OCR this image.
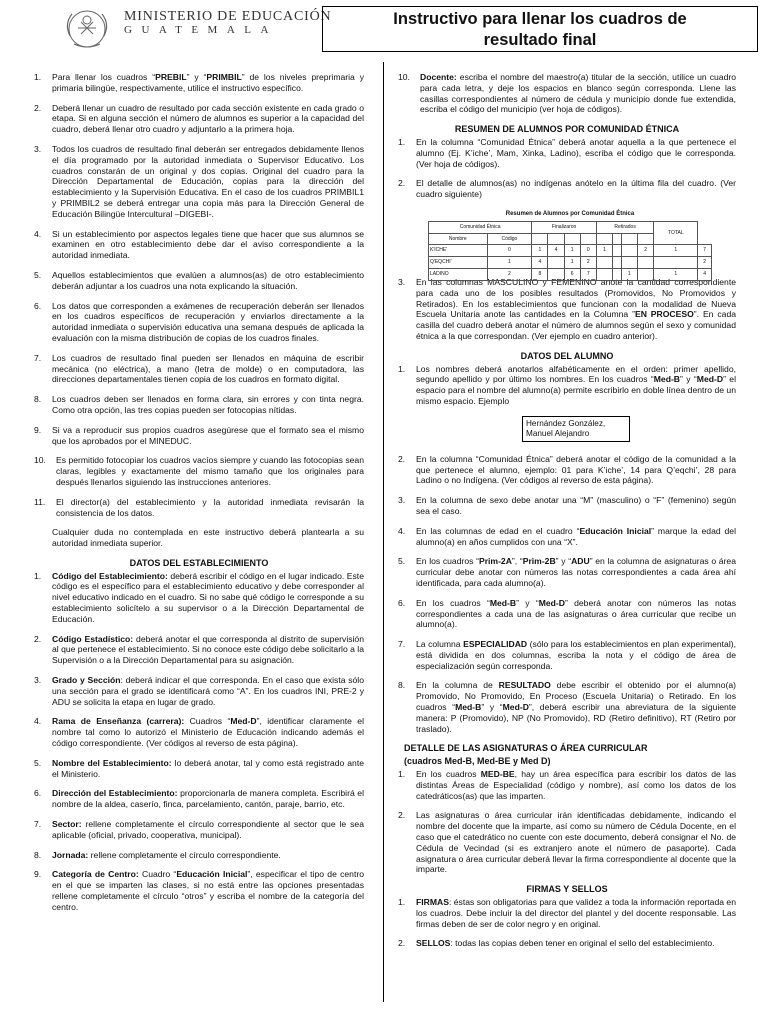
MINISTERIO DE EDUCACIÓN
GUATEMALA
Instructivo para llenar los cuadros de
resultado final
1.	Para llenar los cuadros “PREBIL” y “PRIMBIL” de los niveles preprimaria y primaria bilingüe, respectivamente, utilice el instructivo específico.
2.	Deberá llenar un cuadro de resultado por cada sección existente en cada grado o etapa. Si en alguna sección el número de alumnos es superior a la capacidad del cuadro, deberá llenar otro cuadro y adjuntarlo a la primera hoja.
3.	Todos los cuadros de resultado final deberán ser entregados debidamente llenos el día programado por la autoridad inmediata o Supervisor Educativo. Los cuadros constarán de un original y dos copias. Original del cuadro para la Dirección Departamental de Educación, copias para la dirección del establecimiento y la Supervisión Educativa. En el caso de los cuadros PRIMBIL1 y PRIMBIL2 se deberá entregar una copia más para la Dirección General de Educación Bilingüe Intercultural –DIGEBI-.
4.	Si un establecimiento por aspectos legales tiene que hacer que sus alumnos se examinen en otro establecimiento debe dar el aviso correspondiente a la autoridad inmediata.
5.	Aquellos establecimientos que evalúen a alumnos(as) de otro establecimiento deberán adjuntar a los cuadros una nota explicando la situación.
6.	Los datos que corresponden a exámenes de recuperación deberán ser llenados en los cuadros específicos de recuperación y enviarlos directamente a la autoridad inmediata o supervisión educativa una semana después de aplicada la evaluación con la misma distribución de copias de los cuadros finales.
7.	Los cuadros de resultado final pueden ser llenados en máquina de escribir mecánica (no eléctrica), a mano (letra de molde) o en computadora, las direcciones departamentales tienen copia de los cuadros en formato digital.
8.	Los cuadros deben ser llenados en forma clara, sin errores y con tinta negra. Como otra opción, las tres copias pueden ser fotocopias nítidas.
9.	Si va a reproducir sus propios cuadros asegúrese que el formato sea el mismo que los aprobados por el MINEDUC.
10.	Es permitido fotocopiar los cuadros vacíos siempre y cuando las fotocopias sean claras, legibles y exactamente del mismo tamaño que los originales para después llenarlos siguiendo las instrucciones anteriores.
11.	El director(a) del establecimiento y la autoridad inmediata revisarán la consistencia de los datos.
Cualquier duda no contemplada en este instructivo deberá plantearla a su autoridad inmediata superior.
DATOS DEL ESTABLECIMIENTO
1.	Código del Establecimiento: deberá escribir el código en el lugar indicado. Este código es el específico para el establecimiento educativo y debe corresponder al nivel educativo indicado en el cuadro. Si no sabe qué código le corresponde a su establecimiento solicítelo a su supervisor o a la Dirección Departamental de Educación.
2.	Código Estadístico: deberá anotar el que corresponda al distrito de supervisión al que pertenece el establecimiento. Si no conoce este código debe solicitarlo a la Supervisión o a la Dirección Departamental para su asignación.
3.	Grado y Sección: deberá indicar el que corresponda. En el caso que exista sólo una sección para el grado se identificará como “A”. En los cuadros INI, PRE-2 y ADU se solicita la etapa en lugar de grado.
4.	Rama de Enseñanza (carrera): Cuadros “Med-D”, identificar claramente el nombre tal como lo autorizó el Ministerio de Educación indicando además el código correspondiente. (Ver códigos al reverso de esta página).
5.	Nombre del Establecimiento: lo deberá anotar, tal y como está registrado ante el Ministerio.
6.	Dirección del Establecimiento: proporcionarla de manera completa. Escribirá el nombre de la aldea, caserío, finca, parcelamiento, cantón, paraje, barrio, etc.
7.	Sector: rellene completamente el círculo correspondiente al sector que le sea aplicable (oficial, privado, cooperativa, municipal).
8.	Jornada: rellene completamente el círculo correspondiente.
9.	Categoría de Centro: Cuadro “Educación Inicial”, especificar el tipo de centro en el que se imparten las clases, si no está entre las opciones presentadas rellene completamente el círculo “otros” y escriba el nombre de la categoría del centro.
10.	Docente: escriba el nombre del maestro(a) titular de la sección, utilice un cuadro para cada letra, y deje los espacios en blanco según corresponda. Llene las casillas correspondientes al número de cédula y municipio donde fue extendida, escriba el código del municipio (ver hoja de códigos).
RESUMEN DE ALUMNOS POR COMUNIDAD ÉTNICA
1.	En la columna “Comunidad Étnica” deberá anotar aquella a la que pertenece el alumno (Ej. K’iche’, Mam, Xinka, Ladino), escriba el código que le corresponda. (Ver hoja de códigos).
2.	El detalle de alumnos(as) no indígenas anótelo en la última fila del cuadro. (Ver cuadro siguiente)
Resumen de Alumnos por Comunidad Étnica
Comunidad Étnica		Finalizaron				Retirados				TOTAL	
Nombre	Código										
K'ICHE'	0	1	4	1	0	1			2	1	7
Q'EQCHI'	1	4		1	2						2
LADINO	2	8		6	7			1		1	4
3.	En las columnas MASCULINO y FEMENINO anote la cantidad correspondiente para cada uno de los posibles resultados (Promovidos, No Promovidos y Retirados). En los establecimientos que funcionan con la modalidad de Nueva Escuela Unitaria anote las cantidades en la Columna ”EN PROCESO”. En cada casilla del cuadro deberá anotar el número de alumnos según el sexo y comunidad étnica a la que correspondan. (Ver ejemplo en cuadro anterior).
DATOS DEL ALUMNO
1.	Los nombres deberá anotarlos alfabéticamente en el orden: primer apellido, segundo apellido y por último los nombres. En los cuadros “Med-B” y “Med-D” el espacio para el nombre del alumno(a) permite escribirlo en doble línea dentro de un mismo espacio. Ejemplo
Hernández González,
Manuel Alejandro
2.	En la columna “Comunidad Étnica” deberá anotar el código de la comunidad a la que pertenece el alumno, ejemplo: 01 para K’iche’, 14 para Q’eqchi’, 28 para Ladino o no Indígena. (Ver códigos al reverso de esta página).
3.	En la columna de sexo debe anotar una “M” (masculino) o “F” (femenino) según sea el caso.
4.	En las columnas de edad en el cuadro “Educación Inicial” marque la edad del alumno(a) en años cumplidos con una “X”.
5.	En los cuadros “Prim-2A”, “Prim-2B” y “ADU” en la columna de asignaturas o área curricular debe anotar con números las notas correspondientes a cada área ahí identificada, para cada alumno(a).
6.	En los cuadros “Med-B” y “Med-D” deberá anotar con números las notas correspondientes a cada una de las asignaturas o área curricular que recibe un alumno(a).
7.	La columna ESPECIALIDAD (sólo para los establecimientos en plan experimental), está dividida en dos columnas, escriba la nota y el código de área de especialización según corresponda.
8.	En la columna de RESULTADO debe escribir el obtenido por el alumno(a) Promovido, No Promovido, En Proceso (Escuela Unitaria) o Retirado. En los cuadros “Med-B” y “Med-D”, deberá escribir una abreviatura de la siguiente manera: P (Promovido), NP (No Promovido), RD (Retiro definitivo), RT (Retiro por traslado).
DETALLE DE LAS ASIGNATURAS O ÁREA CURRICULAR
(cuadros Med-B, Med-BE y Med D)
1.	En los cuadros MED-BE, hay un área específica para escribir los datos de las distintas Áreas de Especialidad (código y nombre), así como los datos de los catedráticos(as) que las imparten.
2.	Las asignaturas o área curricular irán identificadas debidamente, indicando el nombre del docente que la imparte, así como su número de Cédula Docente, en el caso que el catedrático no cuente con este documento, deberá consignar el No. de Cédula de Vecindad (si es extranjero anote el número de pasaporte). Cada asignatura o área curricular deberá llevar la firma correspondiente al docente que la imparte.
FIRMAS Y SELLOS
1.	FIRMAS: éstas son obligatorias para que validez a toda la información reportada en los cuadros. Debe incluir la del director del plantel y del docente responsable. Las firmas deben de ser de color negro y en original.
2.	SELLOS: todas las copias deben tener en original el sello del establecimiento.
